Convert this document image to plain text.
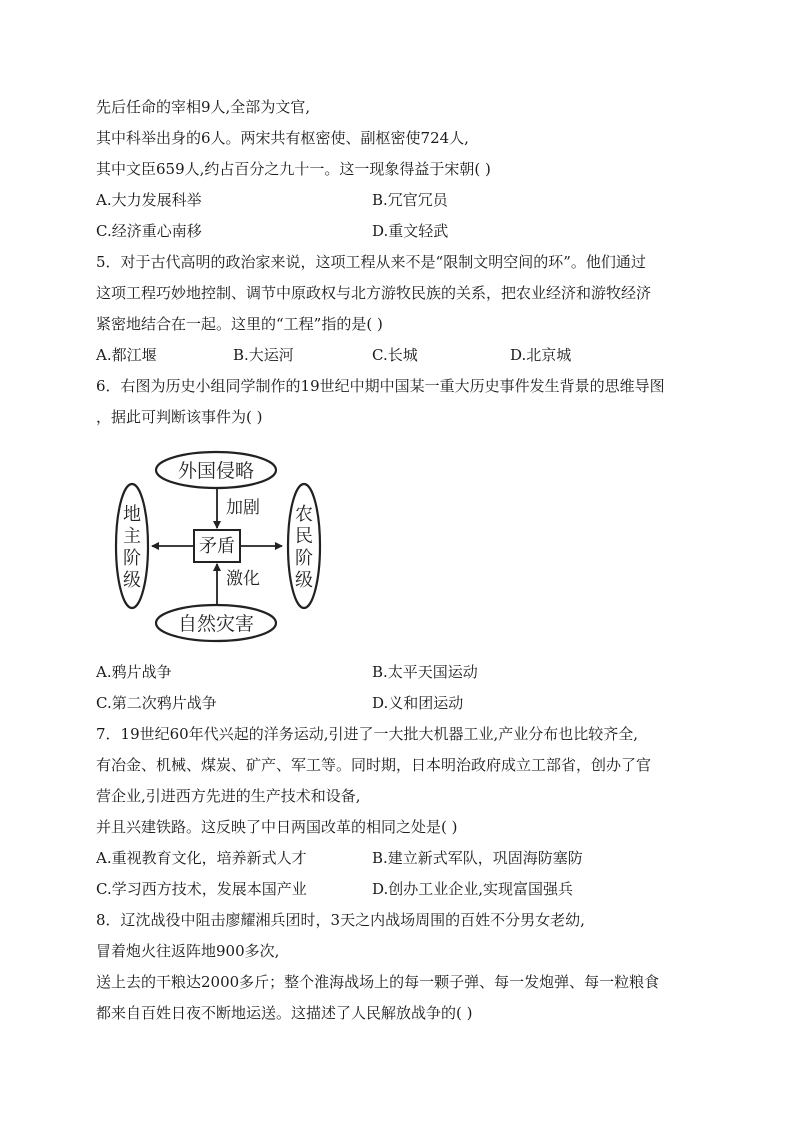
先后任命的宰相9人,全部为文官,
其中科举出身的6人。两宋共有枢密使、副枢密使724人,
其中文臣659人,约占百分之九十一。这一现象得益于宋朝( )
A.大力发展科举	B.冗官冗员
C.经济重心南移	D.重文轻武
5．对于古代高明的政治家来说，这项工程从来不是“限制文明空间的环”。他们通过
这项工程巧妙地控制、调节中原政权与北方游牧民族的关系，把农业经济和游牧经济
紧密地结合在一起。这里的“工程”指的是( )
A.都江堰	B.大运河	C.长城	D.北京城
6．右图为历史小组同学制作的19世纪中期中国某一重大历史事件发生背景的思维导图
，据此可判断该事件为( )
外国侵略
自然灾害
地
主
阶
级
农
民
阶
级
矛盾
加剧
激化
A.鸦片战争	B.太平天国运动
C.第二次鸦片战争	D.义和团运动
7．19世纪60年代兴起的洋务运动,引进了一大批大机器工业,产业分布也比较齐全,
有冶金、机械、煤炭、矿产、军工等。同时期，日本明治政府成立工部省，创办了官
营企业,引进西方先进的生产技术和设备,
并且兴建铁路。这反映了中日两国改革的相同之处是( )
A.重视教育文化，培养新式人才	B.建立新式军队，巩固海防塞防
C.学习西方技术，发展本国产业	D.创办工业企业,实现富国强兵
8．辽沈战役中阻击廖耀湘兵团时，3天之内战场周围的百姓不分男女老幼,
冒着炮火往返阵地900多次,
送上去的干粮达2000多斤；整个淮海战场上的每一颗子弹、每一发炮弹、每一粒粮食
都来自百姓日夜不断地运送。这描述了人民解放战争的( )
